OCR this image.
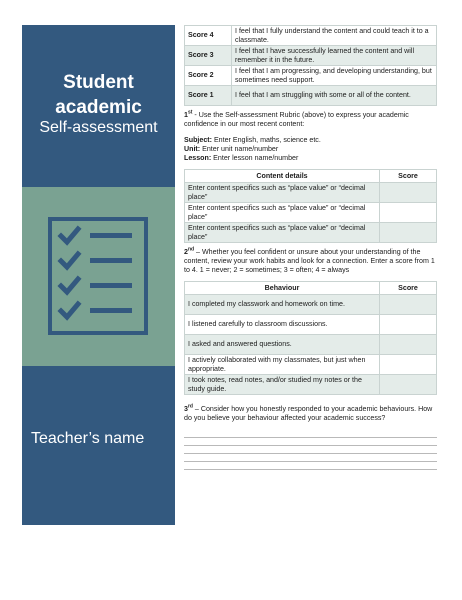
Student
academic
Self-assessment
Teacher’s name
Score 4	I feel that I fully understand the content and could teach it to a classmate.
Score 3	I feel that I have successfully learned the content and will remember it in the future.
Score 2	I feel that I am progressing, and developing understanding, but sometimes need support.
Score 1	I feel that I am struggling with some or all of the content.
1st - Use the Self-assessment Rubric (above) to express your academic confidence in our most recent content:
Subject: Enter English, maths, science etc.
Unit: Enter unit name/number
Lesson: Enter lesson name/number
Content details	Score
Enter content specifics such as “place value” or “decimal place”	
Enter content specifics such as “place value” or “decimal place”	
Enter content specifics such as “place value” or “decimal place”	
2nd – Whether you feel confident or unsure about your understanding of the content, review your work habits and look for a connection. Enter a score from 1 to 4. 1 = never; 2 = sometimes; 3 = often; 4 = always
Behaviour	Score
I completed my classwork and homework on time.	
I listened carefully to classroom discussions.	
I asked and answered questions.	
I actively collaborated with my classmates, but just when appropriate.	
I took notes, read notes, and/or studied my notes or the study guide.	
3rd – Consider how you honestly responded to your academic behaviours. How do you believe your behaviour affected your academic success?
